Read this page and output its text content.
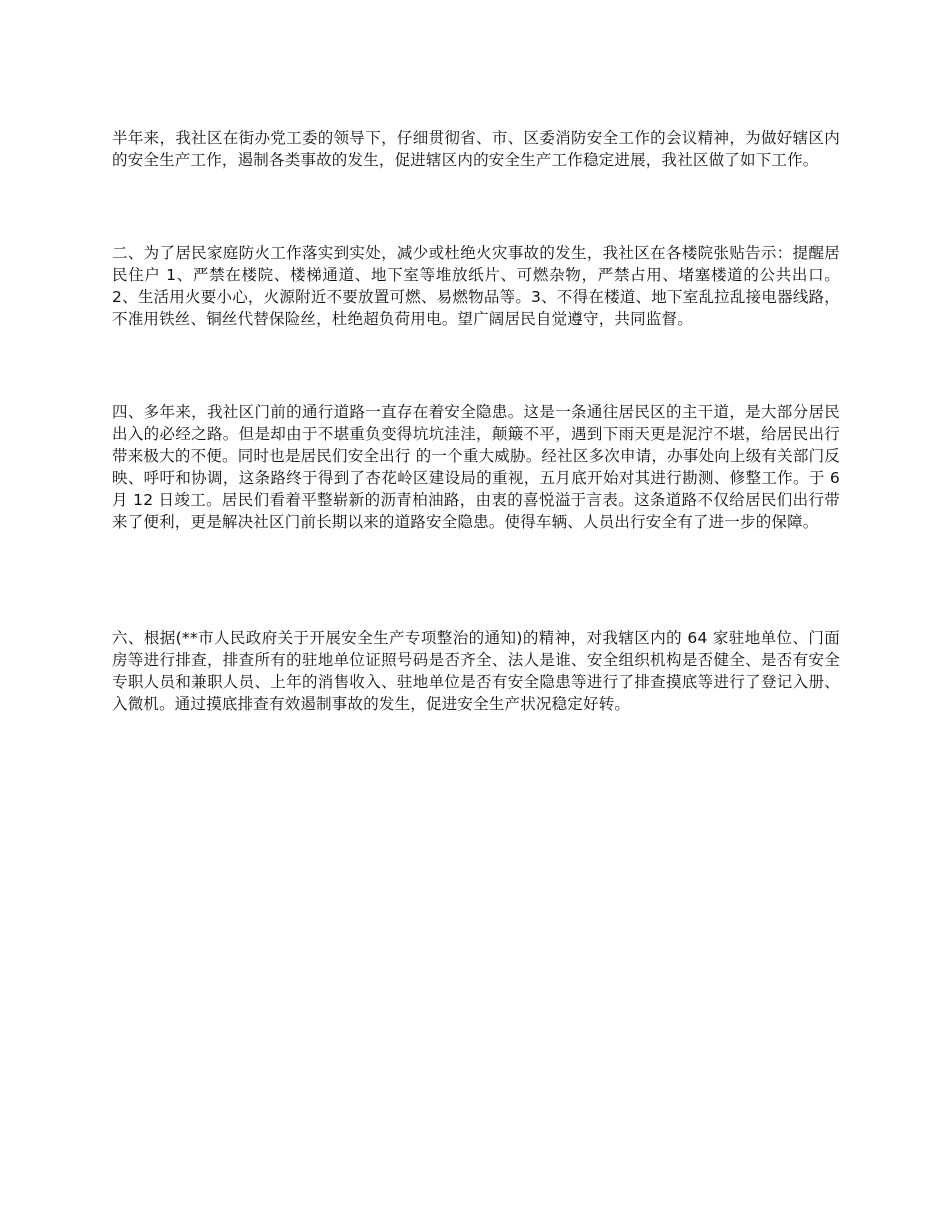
半年来，我社区在街办党工委的领导下，仔细贯彻省、市、区委消防安全工作的会议精神，为做好辖区内的安全生产工作，遏制各类事故的发生，促进辖区内的安全生产工作稳定进展，我社区做了如下工作。

二、为了居民家庭防火工作落实到实处，减少或杜绝火灾事故的发生，我社区在各楼院张贴告示：提醒居民住户 1、严禁在楼院、楼梯通道、地下室等堆放纸片、可燃杂物，严禁占用、堵塞楼道的公共出口。2、生活用火要小心，火源附近不要放置可燃、易燃物品等。3、不得在楼道、地下室乱拉乱接电器线路，不准用铁丝、铜丝代替保险丝，杜绝超负荷用电。望广阔居民自觉遵守，共同监督。

四、多年来，我社区门前的通行道路一直存在着安全隐患。这是一条通往居民区的主干道，是大部分居民出入的必经之路。但是却由于不堪重负变得坑坑洼洼，颠簸不平，遇到下雨天更是泥泞不堪，给居民出行带来极大的不便。同时也是居民们安全出行 的一个重大威胁。经社区多次申请，办事处向上级有关部门反映、呼吁和协调，这条路终于得到了杏花岭区建设局的重视，五月底开始对其进行勘测、修整工作。于 6 月 12 日竣工。居民们看着平整崭新的沥青柏油路，由衷的喜悦溢于言表。这条道路不仅给居民们出行带来了便利，更是解决社区门前长期以来的道路安全隐患。使得车辆、人员出行安全有了进一步的保障。

六、根据(**市人民政府关于开展安全生产专项整治的通知)的精神，对我辖区内的 64 家驻地单位、门面房等进行排查，排查所有的驻地单位证照号码是否齐全、法人是谁、安全组织机构是否健全、是否有安全专职人员和兼职人员、上年的消售收入、驻地单位是否有安全隐患等进行了排查摸底等进行了登记入册、入微机。通过摸底排查有效遏制事故的发生，促进安全生产状况稳定好转。
